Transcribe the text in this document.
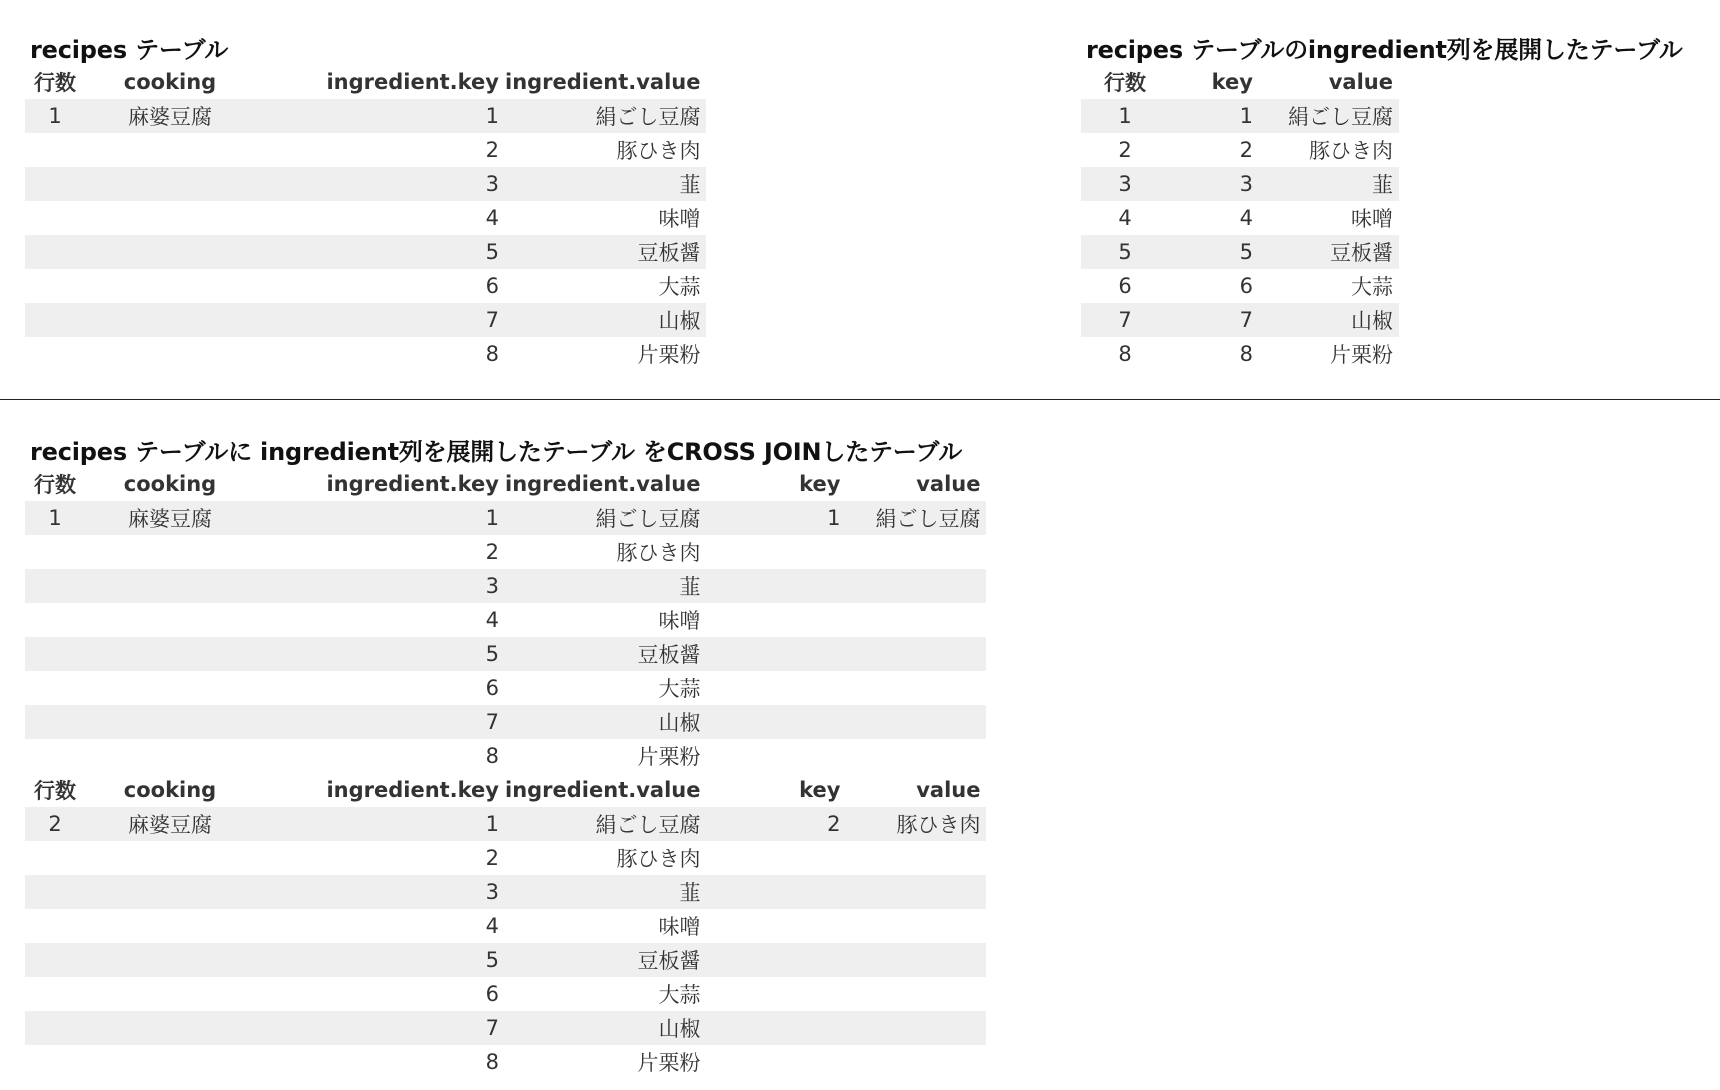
recipes テーブル
行数	cooking	ingredient.key	ingredient.value
1	麻婆豆腐	1	絹ごし豆腐
		2	豚ひき肉
		3	韮
		4	味噌
		5	豆板醤
		6	大蒜
		7	山椒
		8	片栗粉
recipes テーブルのingredient列を展開したテーブル
行数	key	value
1	1	絹ごし豆腐
2	2	豚ひき肉
3	3	韮
4	4	味噌
5	5	豆板醤
6	6	大蒜
7	7	山椒
8	8	片栗粉
recipes テーブルに ingredient列を展開したテーブル をCROSS JOINしたテーブル
行数	cooking	ingredient.key	ingredient.value	key	value
1	麻婆豆腐	1	絹ごし豆腐	1	絹ごし豆腐
		2	豚ひき肉		
		3	韮		
		4	味噌		
		5	豆板醤		
		6	大蒜		
		7	山椒		
		8	片栗粉		
行数	cooking	ingredient.key	ingredient.value	key	value
2	麻婆豆腐	1	絹ごし豆腐	2	豚ひき肉
		2	豚ひき肉		
		3	韮		
		4	味噌		
		5	豆板醤		
		6	大蒜		
		7	山椒		
		8	片栗粉		
